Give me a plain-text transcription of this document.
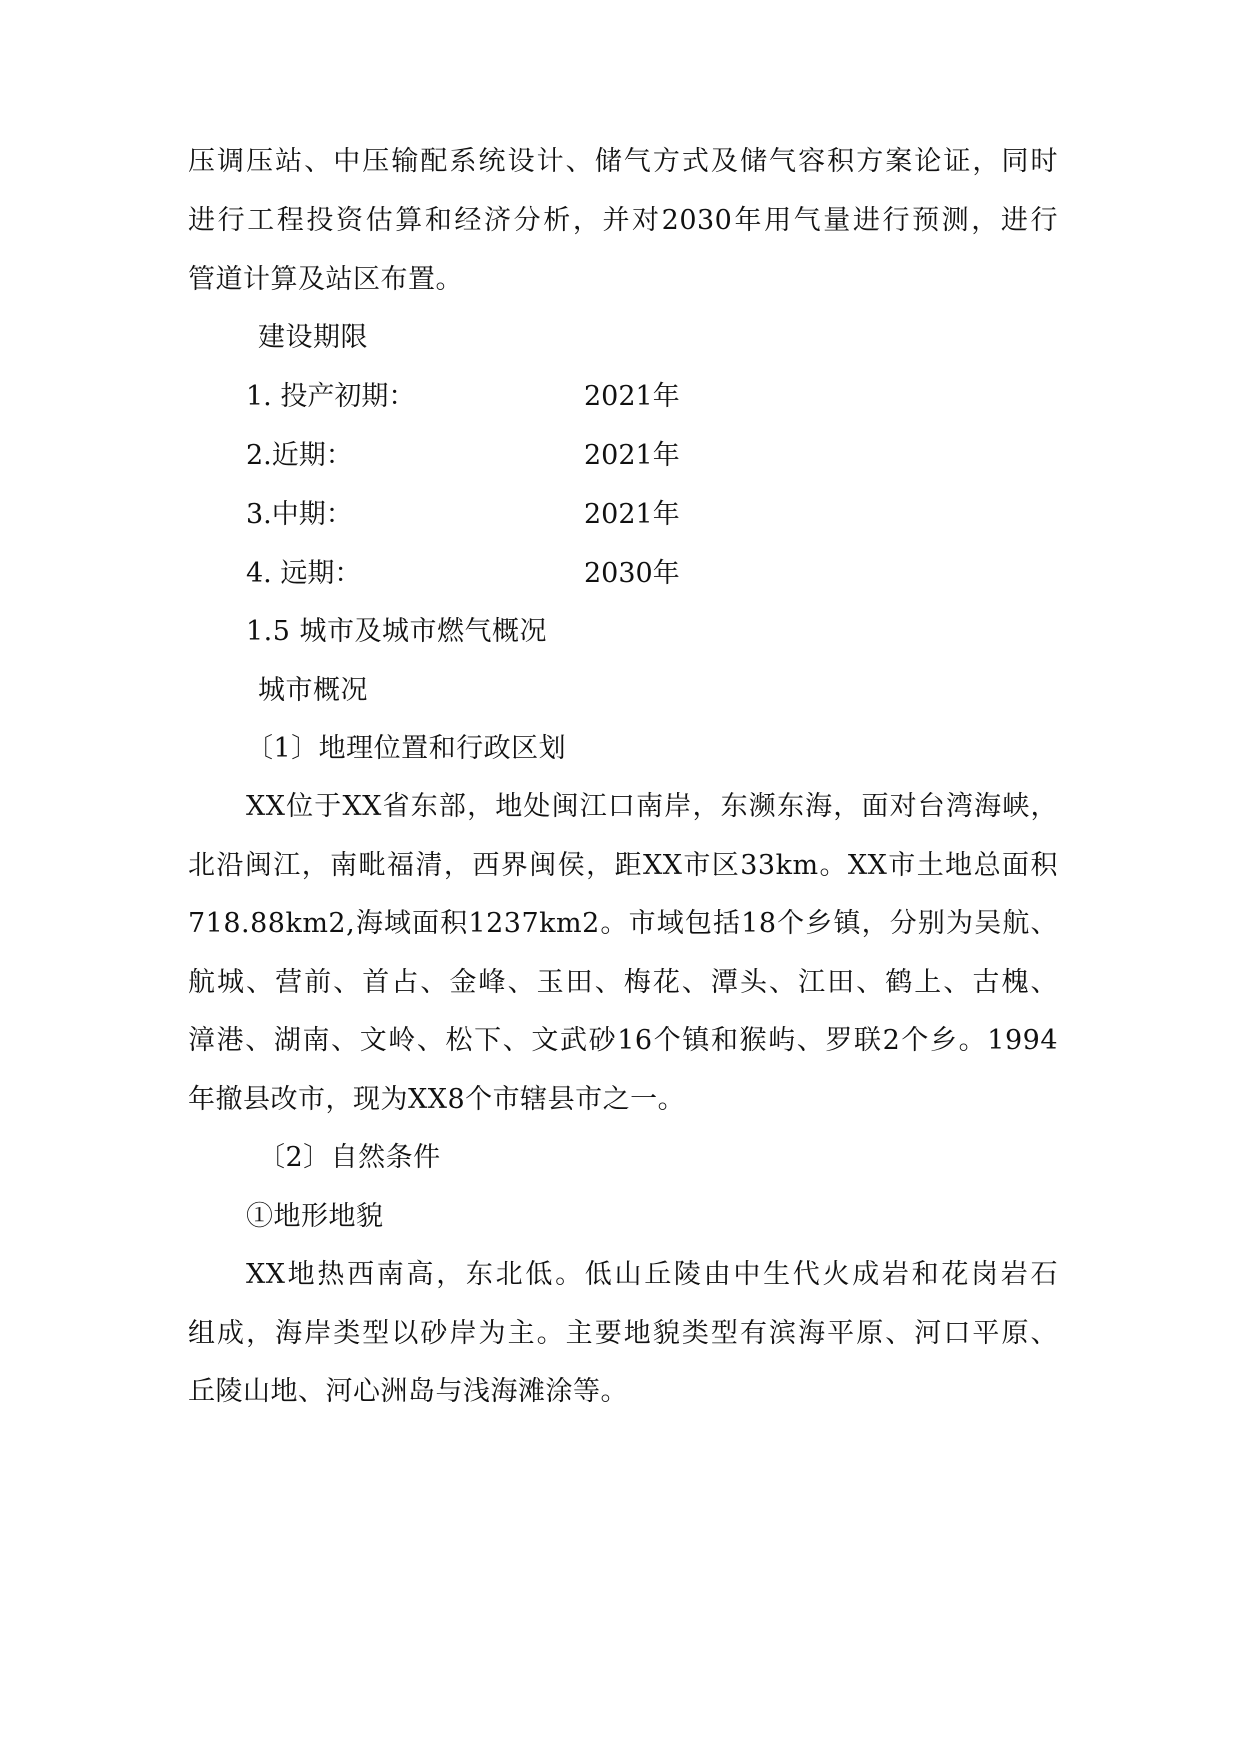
压调压站、中压输配系统设计、储气方式及储气容积方案论证，同时
进行工程投资估算和经济分析，并对2030年用气量进行预测，进行
管道计算及站区布置。
建设期限
1. 投产初期：	2021年
2.近期：	2021年
3.中期：	2021年
4. 远期：	2030年
1.5 城市及城市燃气概况
城市概况
〔1〕地理位置和行政区划
XX位于XX省东部，地处闽江口南岸，东濒东海，面对台湾海峡，
北沿闽江，南毗福清，西界闽侯，距XX市区33km。XX市土地总面积
718.88km2,海域面积1237km2。市域包括18个乡镇，分别为吴航、
航城、营前、首占、金峰、玉田、梅花、潭头、江田、鹤上、古槐、
漳港、湖南、文岭、松下、文武砂16个镇和猴屿、罗联2个乡。1994
年撤县改市，现为XX8个市辖县市之一。
〔2〕自然条件
①地形地貌
XX地热西南高，东北低。低山丘陵由中生代火成岩和花岗岩石
组成，海岸类型以砂岸为主。主要地貌类型有滨海平原、河口平原、
丘陵山地、河心洲岛与浅海滩涂等。
